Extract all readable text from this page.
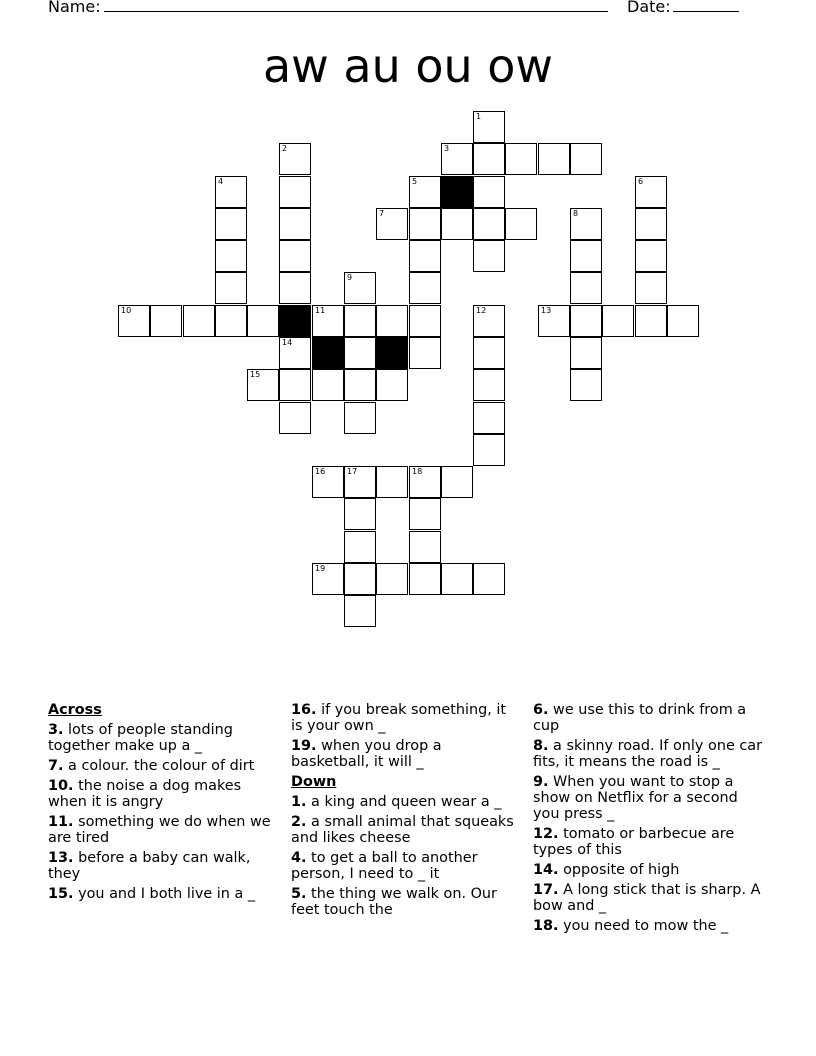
Name:	Date:
aw au ou ow
1
2	3
4	5	6
7	8
9
10	11	12	13
14
15
16	17	18
19
Across
3. lots of people standing together make up a _
7. a colour. the colour of dirt
10. the noise a dog makes when it is angry
11. something we do when we are tired
13. before a baby can walk, they
15. you and I both live in a _
16. if you break something, it is your own _
19. when you drop a basketball, it will _
Down
1. a king and queen wear a _
2. a small animal that squeaks and likes cheese
4. to get a ball to another person, I need to _ it
5. the thing we walk on. Our feet touch the
6. we use this to drink from a cup
8. a skinny road. If only one car fits, it means the road is _
9. When you want to stop a show on Netflix for a second you press _
12. tomato or barbecue are types of this
14. opposite of high
17. A long stick that is sharp. A bow and _
18. you need to mow the _
